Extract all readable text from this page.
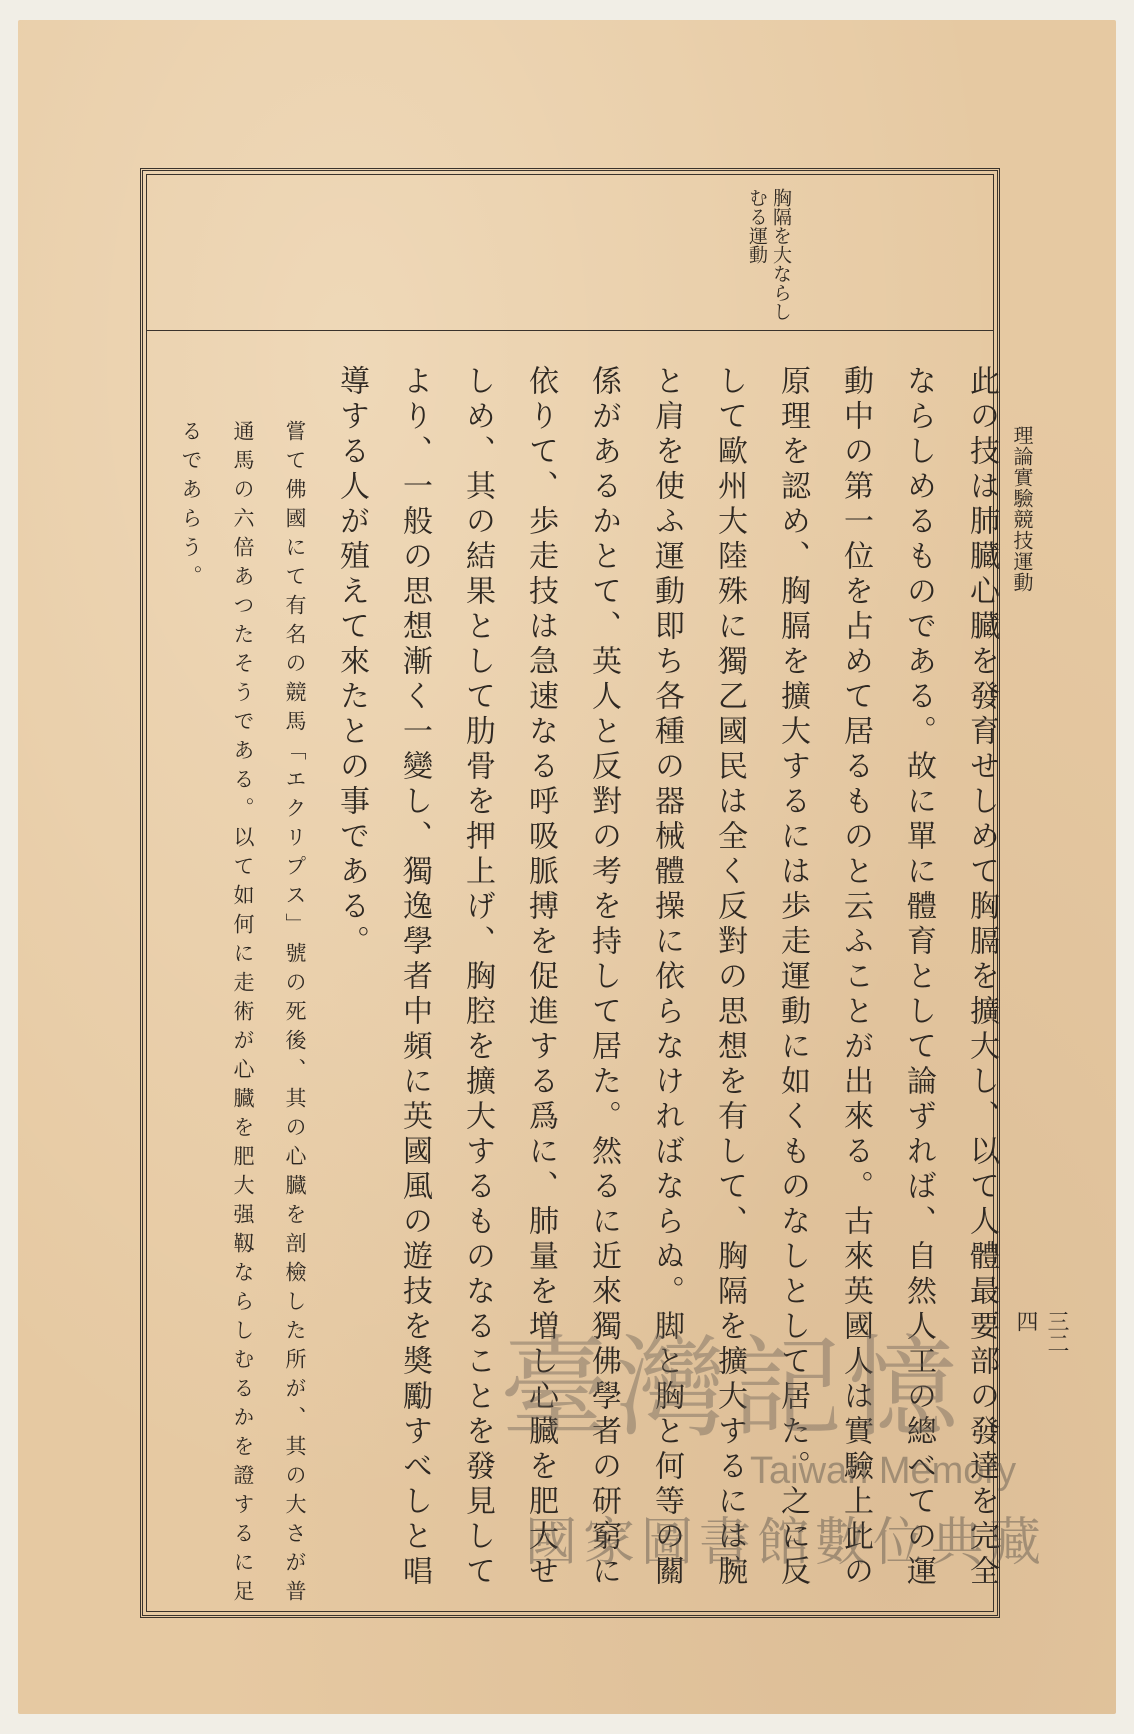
理論實驗競技運動
三二四
胸隔を大ならしむる運動
此の技は肺臓心臓を發育せしめて胸膈を擴大し、以て人體最要部の發達を完全ならしめるものである。故に單に體育として論ずれば、自然人工の總べての運動中の第一位を占めて居るものと云ふことが出來る。古來英國人は實驗上此の原理を認め、胸膈を擴大するには歩走運動に如くものなしとして居た。之に反して歐州大陸殊に獨乙國民は全く反對の思想を有して、胸隔を擴大するには腕と肩を使ふ運動即ち各種の器械體操に依らなければならぬ。脚と胸と何等の關係があるかとて、英人と反對の考を持して居た。然るに近來獨佛學者の研窮に依りて、歩走技は急速なる呼吸脈搏を促進する爲に、肺量を増し心臓を肥大せしめ、其の結果として肋骨を押上げ、胸腔を擴大するものなることを發見してより、一般の思想漸く一變し、獨逸學者中頻に英國風の遊技を奬勵すべしと唱導する人が殖えて來たとの事である。
嘗て佛國にて有名の競馬「エクリプス」號の死後、其の心臓を剖檢した所が、其の大さが普通馬の六倍あつたそうである。以て如何に走術が心臓を肥大强靱ならしむるかを證するに足るであらう。
臺灣記憶
Taiwan Memory
國家圖書館數位典藏
